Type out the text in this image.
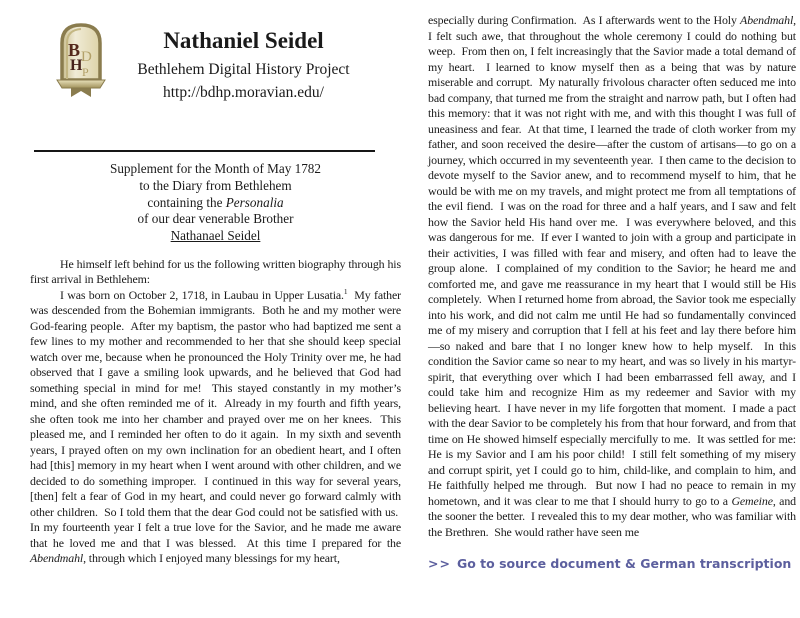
D
P
B
H
Nathaniel Seidel
Bethlehem Digital History Project
http://bdhp.moravian.edu/
Supplement for the Month of May 1782
to the Diary from Bethlehem
containing the Personalia
of our dear venerable Brother
Nathanael Seidel

He himself left behind for us the following written biography through his first arrival in Bethlehem:

I was born on October 2, 1718, in Laubau in Upper Lusatia.$^1$  My father was descended from the Bohemian immigrants.  Both he and my mother were God-fearing people.  After my baptism, the pastor who had baptized me sent a few lines to my mother and recommended to her that she should keep special watch over me, because when he pronounced the Holy Trinity over me, he had observed that I gave a smiling look upwards, and he believed that God had something special in mind for me!  This stayed constantly in my mother’s mind, and she often reminded me of it.  Already in my fourth and fifth years, she often took me into her chamber and prayed over me on her knees.  This pleased me, and I reminded her often to do it again.  In my sixth and seventh years, I prayed often on my own inclination for an obedient heart, and I often had [this] memory in my heart when I went around with other children, and we decided to do something improper.  I continued in this way for several years, [then] felt a fear of God in my heart, and could never go forward calmly with other children.  So I told them that the dear God could not be satisfied with us.  In my fourteenth year I felt a true love for the Savior, and he made me aware that he loved me and that I was blessed.  At this time I prepared for the Abendmahl, through which I enjoyed many blessings for my heart,

especially during Confirmation.  As I afterwards went to the Holy Abendmahl, I felt such awe, that throughout the whole ceremony I could do nothing but weep.  From then on, I felt increasingly that the Savior made a total demand of my heart.  I learned to know myself then as a being that was by nature miserable and corrupt.  My naturally frivolous character often seduced me into bad company, that turned me from the straight and narrow path, but I often had this memory: that it was not right with me, and with this thought I was full of uneasiness and fear.  At that time, I learned the trade of cloth worker from my father, and soon received the desire—after the custom of artisans—to go on a journey, which occurred in my seventeenth year.  I then came to the decision to devote myself to the Savior anew, and to recommend myself to him, that he would be with me on my travels, and might protect me from all temptations of the evil fiend.  I was on the road for three and a half years, and I saw and felt how the Savior held His hand over me.  I was everywhere beloved, and this was dangerous for me.  If ever I wanted to join with a group and participate in their activities, I was filled with fear and misery, and often had to leave the group alone.  I complained of my condition to the Savior; he heard me and comforted me, and gave me reassurance in my heart that I would still be His completely.  When I returned home from abroad, the Savior took me especially into his work, and did not calm me until He had so fundamentally convinced me of my misery and corruption that I fell at his feet and lay there before him—so naked and bare that I no longer knew how to help myself.  In this condition the Savior came so near to my heart, and was so lively in his martyr-spirit, that everything over which I had been embarrassed fell away, and I could take him and recognize Him as my redeemer and Savior with my believing heart.  I have never in my life forgotten that moment.  I made a pact with the dear Savior to be completely his from that hour forward, and from that time on He showed himself especially mercifully to me.  It was settled for me: He is my Savior and I am his poor child!  I still felt something of my misery and corrupt spirit, yet I could go to him, child-like, and complain to him, and He faithfully helped me through.  But now I had no peace to remain in my hometown, and it was clear to me that I should hurry to go to a Gemeine, and the sooner the better.  I revealed this to my dear mother, who was familiar with the Brethren.  She would rather have seen me

>> Go to source document & German transcription
